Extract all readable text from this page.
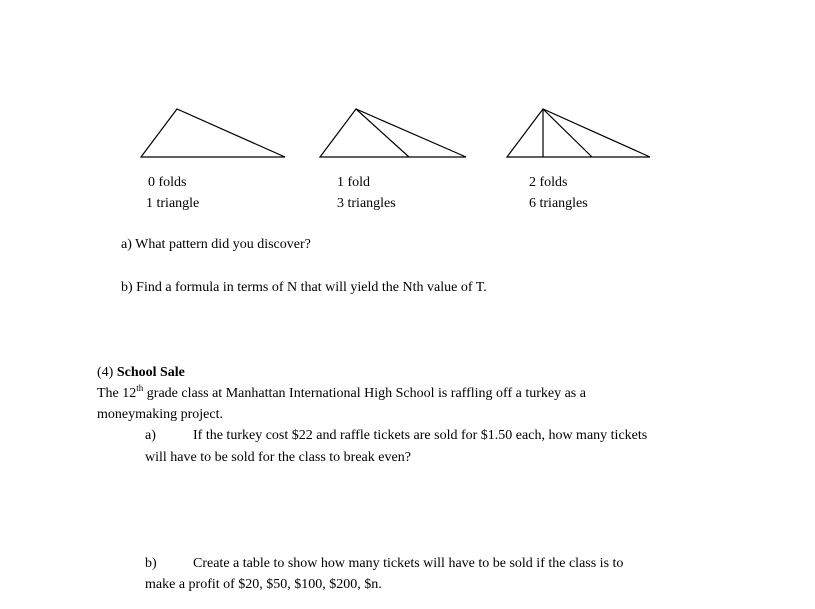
0 folds
1 triangle
1 fold
3 triangles
2 folds
6 triangles
a) What pattern did you discover?
b) Find a formula in terms of N that will yield the Nth value of T.
(4) School Sale
The 12th grade class at Manhattan International High School is raffling off a turkey as a
moneymaking project.
a)	If the turkey cost $22 and raffle tickets are sold for $1.50 each, how many tickets
will have to be sold for the class to break even?
b)	Create a table to show how many tickets will have to be sold if the class is to
make a profit of $20, $50, $100, $200, $n.
